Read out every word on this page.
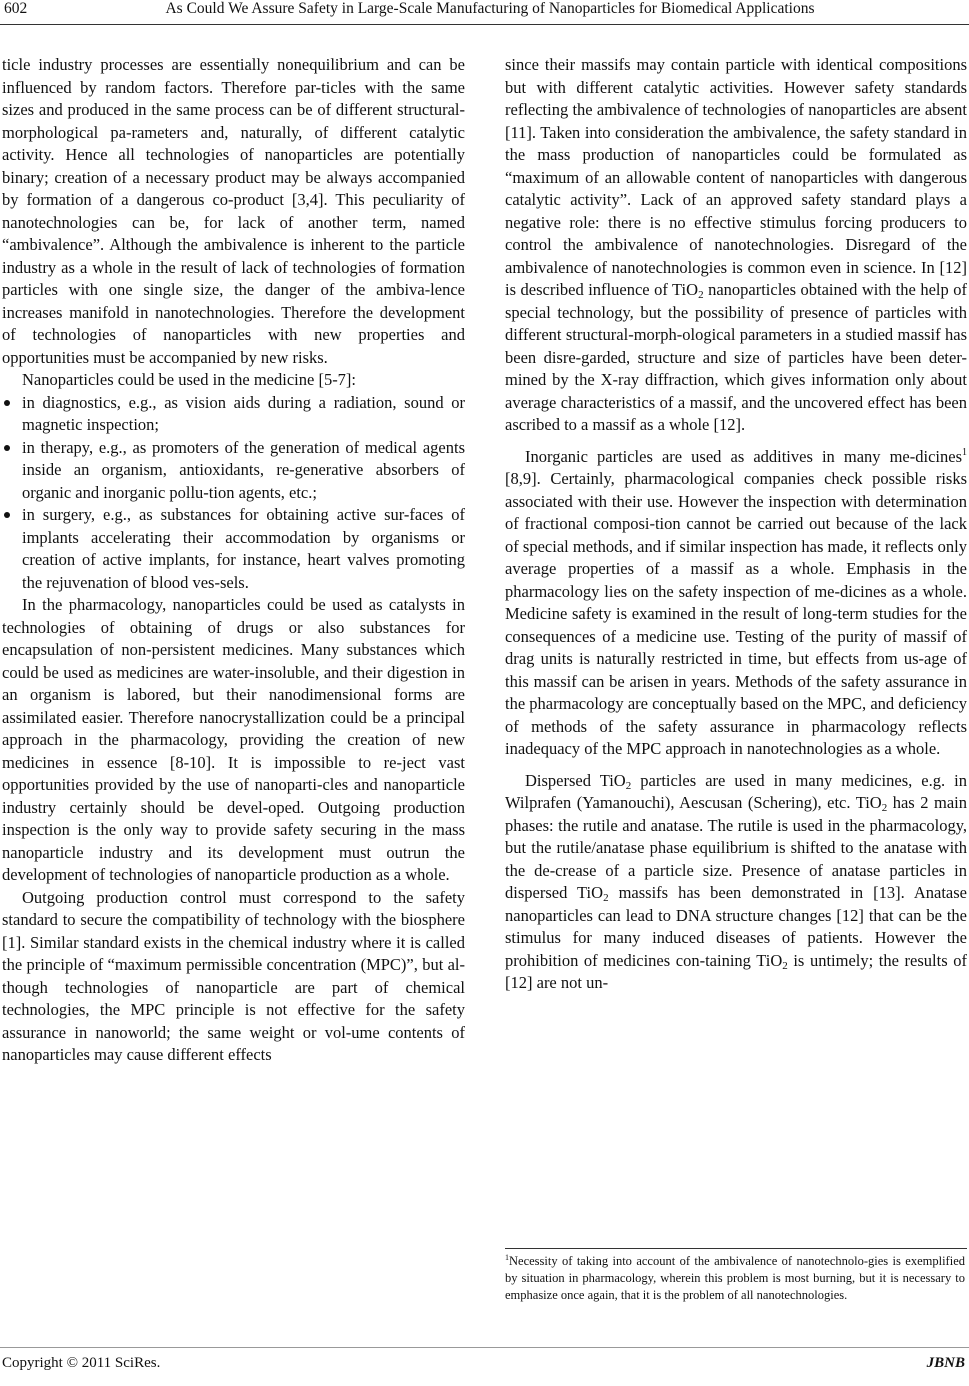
602	As Could We Assure Safety in Large-Scale Manufacturing of Nanoparticles for Biomedical Applications

ticle industry processes are essentially nonequilibrium and can be influenced by random factors. Therefore par-ticles with the same sizes and produced in the same process can be of different structural-morphological pa-rameters and, naturally, of different catalytic activity. Hence all technologies of nanoparticles are potentially binary; creation of a necessary product may be always accompanied by formation of a dangerous co-product [3,4]. This peculiarity of nanotechnologies can be, for lack of another term, named “ambivalence”. Although the ambivalence is inherent to the particle industry as a whole in the result of lack of technologies of formation particles with one single size, the danger of the ambiva-lence increases manifold in nanotechnologies. Therefore the development of technologies of nanoparticles with new properties and opportunities must be accompanied by new risks.

Nanoparticles could be used in the medicine [5-7]:

in diagnostics, e.g., as vision aids during a radiation, sound or magnetic inspection;
in therapy, e.g., as promoters of the generation of medical agents inside an organism, antioxidants, re-generative absorbers of organic and inorganic pollu-tion agents, etc.;
in surgery, e.g., as substances for obtaining active sur-faces of implants accelerating their accommodation by organisms or creation of active implants, for instance, heart valves promoting the rejuvenation of blood ves-sels.

In the pharmacology, nanoparticles could be used as catalysts in technologies of obtaining of drugs or also substances for encapsulation of non-persistent medicines. Many substances which could be used as medicines are water-insoluble, and their digestion in an organism is labored, but their nanodimensional forms are assimilated easier. Therefore nanocrystallization could be a principal approach in the pharmacology, providing the creation of new medicines in essence [8-10]. It is impossible to re-ject vast opportunities provided by the use of nanoparti-cles and nanoparticle industry certainly should be devel-oped. Outgoing production inspection is the only way to provide safety securing in the mass nanoparticle industry and its development must outrun the development of technologies of nanoparticle production as a whole.

Outgoing production control must correspond to the safety standard to secure the compatibility of technology with the biosphere [1]. Similar standard exists in the chemical industry where it is called the principle of “maximum permissible concentration (MPC)”, but al-though technologies of nanoparticle are part of chemical technologies, the MPC principle is not effective for the safety assurance in nanoworld; the same weight or vol-ume contents of nanoparticles may cause different effects

since their massifs may contain particle with identical compositions but with different catalytic activities. However safety standards reflecting the ambivalence of technologies of nanoparticles are absent [11]. Taken into consideration the ambivalence, the safety standard in the mass production of nanoparticles could be formulated as “maximum of an allowable content of nanoparticles with dangerous catalytic activity”. Lack of an approved safety standard plays a negative role: there is no effective stimulus forcing producers to control the ambivalence of nanotechnologies. Disregard of the ambivalence of nanotechnologies is common even in science. In [12] is described influence of TiO$_2$ nanoparticles obtained with the help of special technology, but the possibility of presence of particles with different structural-morph-ological parameters in a studied massif has been disre-garded, structure and size of particles have been deter-mined by the X-ray diffraction, which gives information only about average characteristics of a massif, and the uncovered effect has been ascribed to a massif as a whole [12].

Inorganic particles are used as additives in many me-dicines$^1$ [8,9]. Certainly, pharmacological companies check possible risks associated with their use. However the inspection with determination of fractional composi-tion cannot be carried out because of the lack of special methods, and if similar inspection has made, it reflects only average properties of a massif as a whole. Emphasis in the pharmacology lies on the safety inspection of me-dicines as a whole. Medicine safety is examined in the result of long-term studies for the consequences of a medicine use. Testing of the purity of massif of drag units is naturally restricted in time, but effects from us-age of this massif can be arisen in years. Methods of the safety assurance in the pharmacology are conceptually based on the MPC, and deficiency of methods of the safety assurance in pharmacology reflects inadequacy of the MPC approach in nanotechnologies as a whole.

Dispersed TiO$_2$ particles are used in many medicines, e.g. in Wilprafen (Yamanouchi), Aescusan (Schering), etc. TiO$_2$ has 2 main phases: the rutile and anatase. The rutile is used in the pharmacology, but the rutile/anatase phase equilibrium is shifted to the anatase with the de-crease of a particle size. Presence of anatase particles in dispersed TiO$_2$ massifs has been demonstrated in [13]. Anatase nanoparticles can lead to DNA structure changes [12] that can be the stimulus for many induced diseases of patients. However the prohibition of medicines con-taining TiO$_2$ is untimely; the results of [12] are not un-

$^1$Necessity of taking into account of the ambivalence of nanotechnolo-gies is exemplified by situation in pharmacology, wherein this problem is most burning, but it is necessary to emphasize once again, that it is the problem of all nanotechnologies.
Copyright © 2011 SciRes.	JBNB
